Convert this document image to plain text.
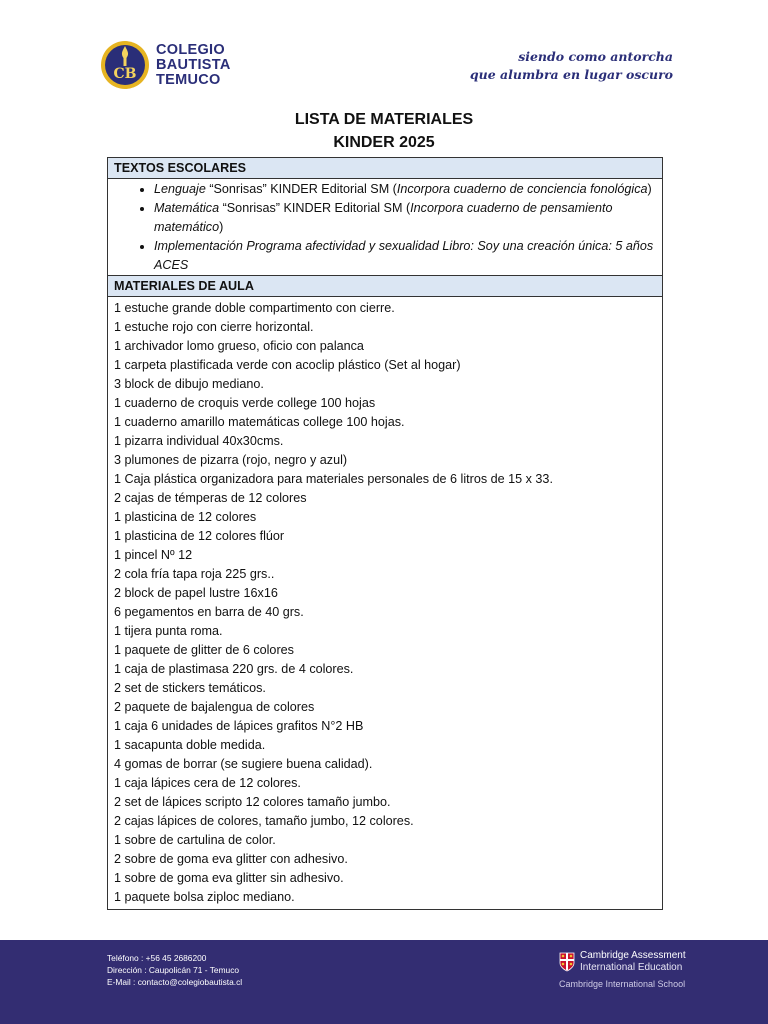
CB
COLEGIO
BAUTISTA
TEMUCO
siendo como antorcha
que alumbra en lugar oscuro
LISTA DE MATERIALES
KINDER 2025
TEXTOS ESCOLARES
• Lenguaje “Sonrisas” KINDER Editorial SM (Incorpora cuaderno de conciencia fonológica)
• Matemática “Sonrisas” KINDER Editorial SM (Incorpora cuaderno de pensamiento matemático)
• Implementación Programa afectividad y sexualidad Libro: Soy una creación única: 5 años ACES
MATERIALES DE AULA
1 estuche grande doble compartimento con cierre.
1 estuche rojo con cierre horizontal.
1 archivador lomo grueso, oficio con palanca
1 carpeta plastificada verde con acoclip plástico (Set al hogar)
3 block de dibujo mediano.
1 cuaderno de croquis verde college 100 hojas
1 cuaderno amarillo matemáticas college 100 hojas.
1 pizarra individual 40x30cms.
3 plumones de pizarra (rojo, negro y azul)
1 Caja plástica organizadora para materiales personales de 6 litros de 15 x 33.
2 cajas de témperas de 12 colores
1 plasticina de 12 colores
1 plasticina de 12 colores flúor
1 pincel Nº 12
2 cola fría tapa roja 225 grs..
2 block de papel lustre 16x16
6 pegamentos en barra de 40 grs.
1 tijera punta roma.
1 paquete de glitter de 6 colores
1 caja de plastimasa 220 grs. de 4 colores.
2 set de stickers temáticos.
2 paquete de bajalengua de colores
1 caja 6 unidades de lápices grafitos N°2 HB
1 sacapunta doble medida.
4 gomas de borrar (se sugiere buena calidad).
1 caja lápices cera de 12 colores.
2 set de lápices scripto 12 colores tamaño jumbo.
2 cajas lápices de colores, tamaño jumbo, 12 colores.
1 sobre de cartulina de color.
2 sobre de goma eva glitter con adhesivo.
1 sobre de goma eva glitter sin adhesivo.
1 paquete bolsa ziploc mediano.
Teléfono : +56 45 2686200
Dirección : Caupolicán 71 - Temuco
E-Mail : contacto@colegiobautista.cl
Cambridge Assessment
International Education
Cambridge International School
